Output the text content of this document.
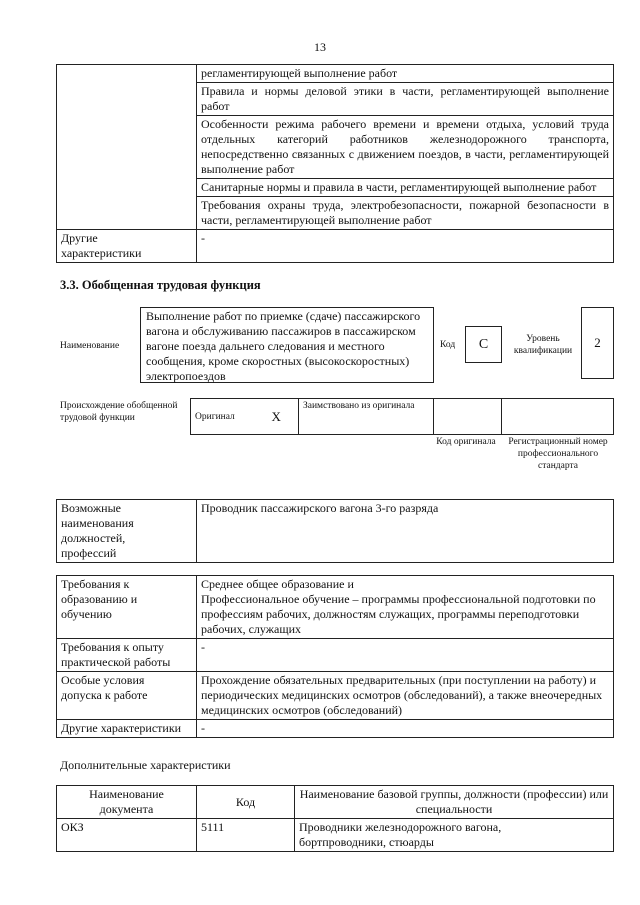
13
	регламентирующей выполнение работ
	Правила и нормы деловой этики в части, регламентирующей выполнение работ
	Особенности режима рабочего времени и времени отдыха, условий труда отдельных категорий работников железнодорожного транспорта, непосредственно связанных с движением поездов, в части, регламентирующей выполнение работ
	Санитарные нормы и правила в части, регламентирующей выполнение работ
	Требования охраны труда, электробезопасности, пожарной безопасности в части, регламентирующей выполнение работ
Другие характеристики	-
3.3. Обобщенная трудовая функция
Наименование
Выполнение работ по приемке (сдаче) пассажирского вагона и обслуживанию пассажиров в пассажирском вагоне поезда дальнего следования и местного сообщения, кроме скоростных (высокоскоростных) электропоездов
Код	C	Уровень квалификации
2
Происхождение обобщенной трудовой функции	Оригинал	X	Заимствовано из оригинала		
Код оригинала	Регистрационный номер профессионального стандарта
Возможные наименования должностей, профессий	Проводник пассажирского вагона 3-го разряда
Требования к образованию и обучению	Среднее общее образование и
Профессиональное обучение – программы профессиональной подготовки по профессиям рабочих, должностям служащих, программы переподготовки рабочих, служащих

Требования к опыту практической работы	-
Особые условия допуска к работе	Прохождение обязательных предварительных (при поступлении на работу) и периодических медицинских осмотров (обследований), а также внеочередных медицинских осмотров (обследований)
Другие характеристики	-
Дополнительные характеристики
Наименование документа	Код	Наименование базовой группы, должности (профессии) или специальности
ОКЗ	5111	Проводники железнодорожного вагона, бортпроводники, стюарды
